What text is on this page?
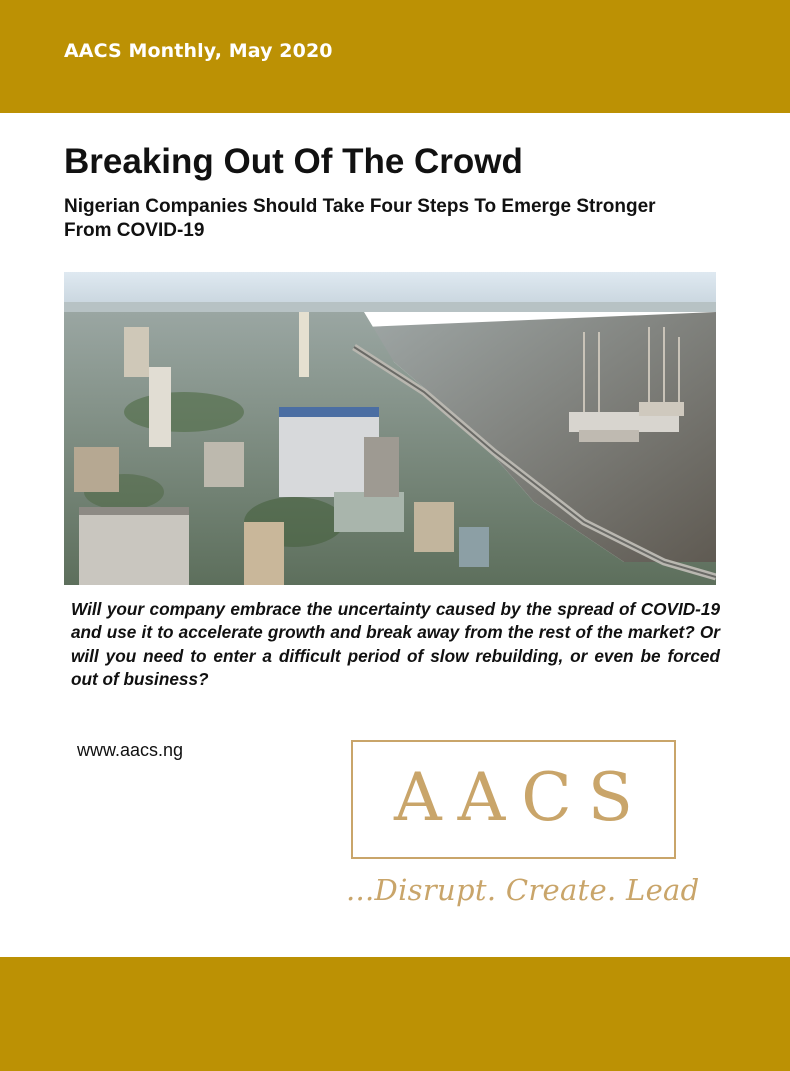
AACS Monthly, May 2020
Breaking Out Of The Crowd
Nigerian Companies Should Take Four Steps To Emerge Stronger From COVID-19

Will your company embrace the uncertainty caused by the spread of COVID-19 and use it to accelerate growth and break away from the rest of the market? Or will you need to enter a difficult period of slow rebuilding, or even be forced out of business?

www.aacs.ng
AACS
...Disrupt. Create. Lead
